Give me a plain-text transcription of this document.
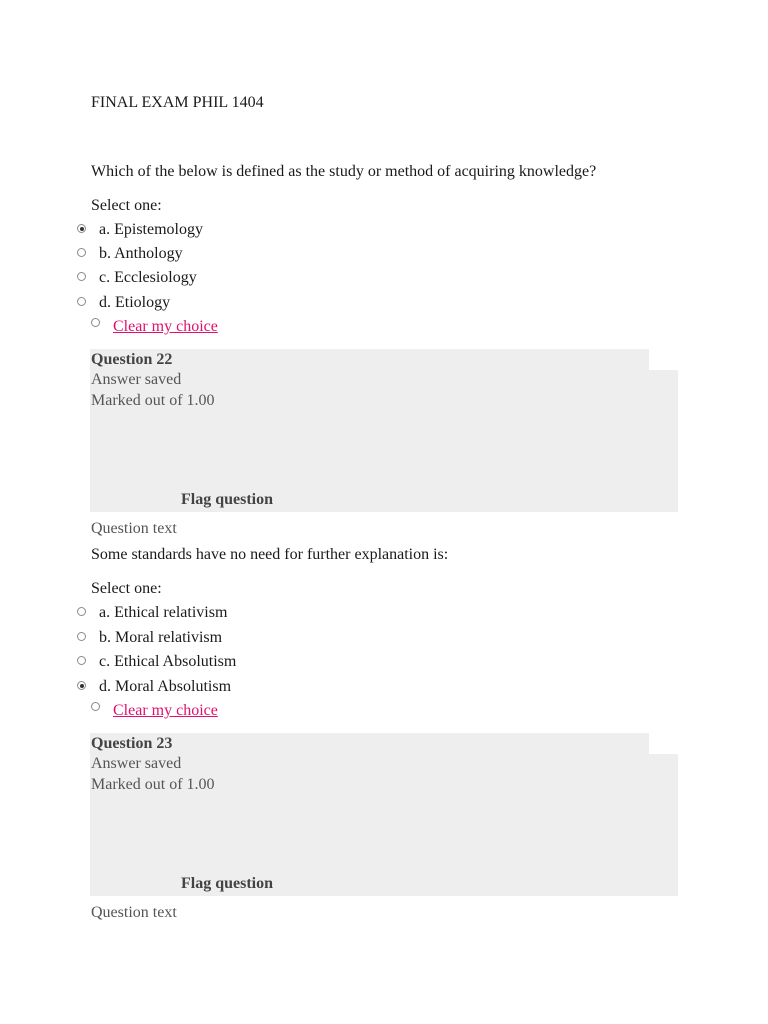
FINAL EXAM PHIL 1404
Which of the below is defined as the study or method of acquiring knowledge?
Select one:
a. Epistemology
b. Anthology
c. Ecclesiology
d. Etiology
Clear my choice
Question 22
Answer saved
Marked out of 1.00
Flag question
Question text
Some standards have no need for further explanation is:
Select one:
a. Ethical relativism
b. Moral relativism
c. Ethical Absolutism
d. Moral Absolutism
Clear my choice
Question 23
Answer saved
Marked out of 1.00
Flag question
Question text
